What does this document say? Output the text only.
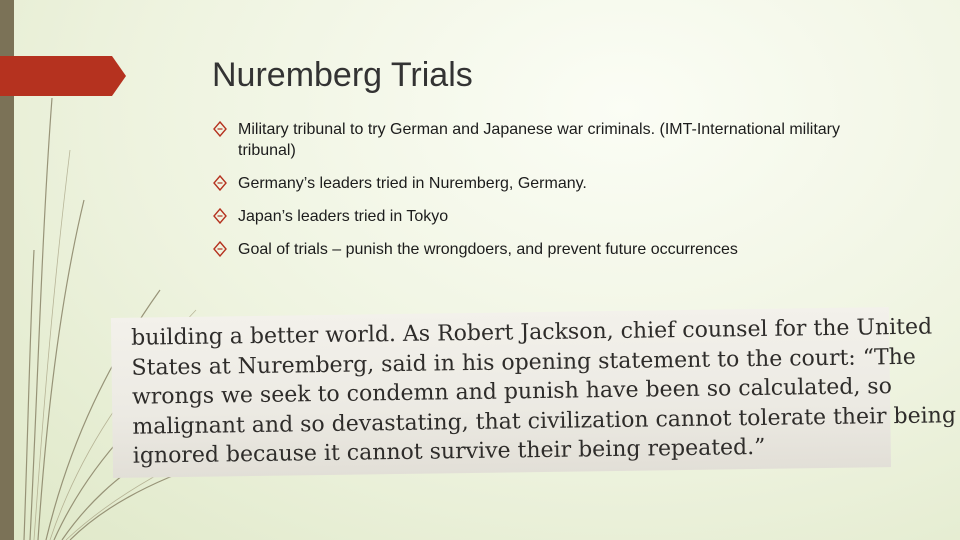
Nuremberg Trials
Military tribunal to try German and Japanese war criminals. (IMT-International military tribunal)
Germany’s leaders tried in Nuremberg, Germany.
Japan’s leaders tried in Tokyo
Goal of trials – punish the wrongdoers, and prevent future occurrences

building a better world. As Robert Jackson, chief counsel for the United

States at Nuremberg, said in his opening statement to the court: “The

wrongs we seek to condemn and punish have been so calculated, so

malignant and so devastating, that civilization cannot tolerate their being

ignored because it cannot survive their being repeated.”
